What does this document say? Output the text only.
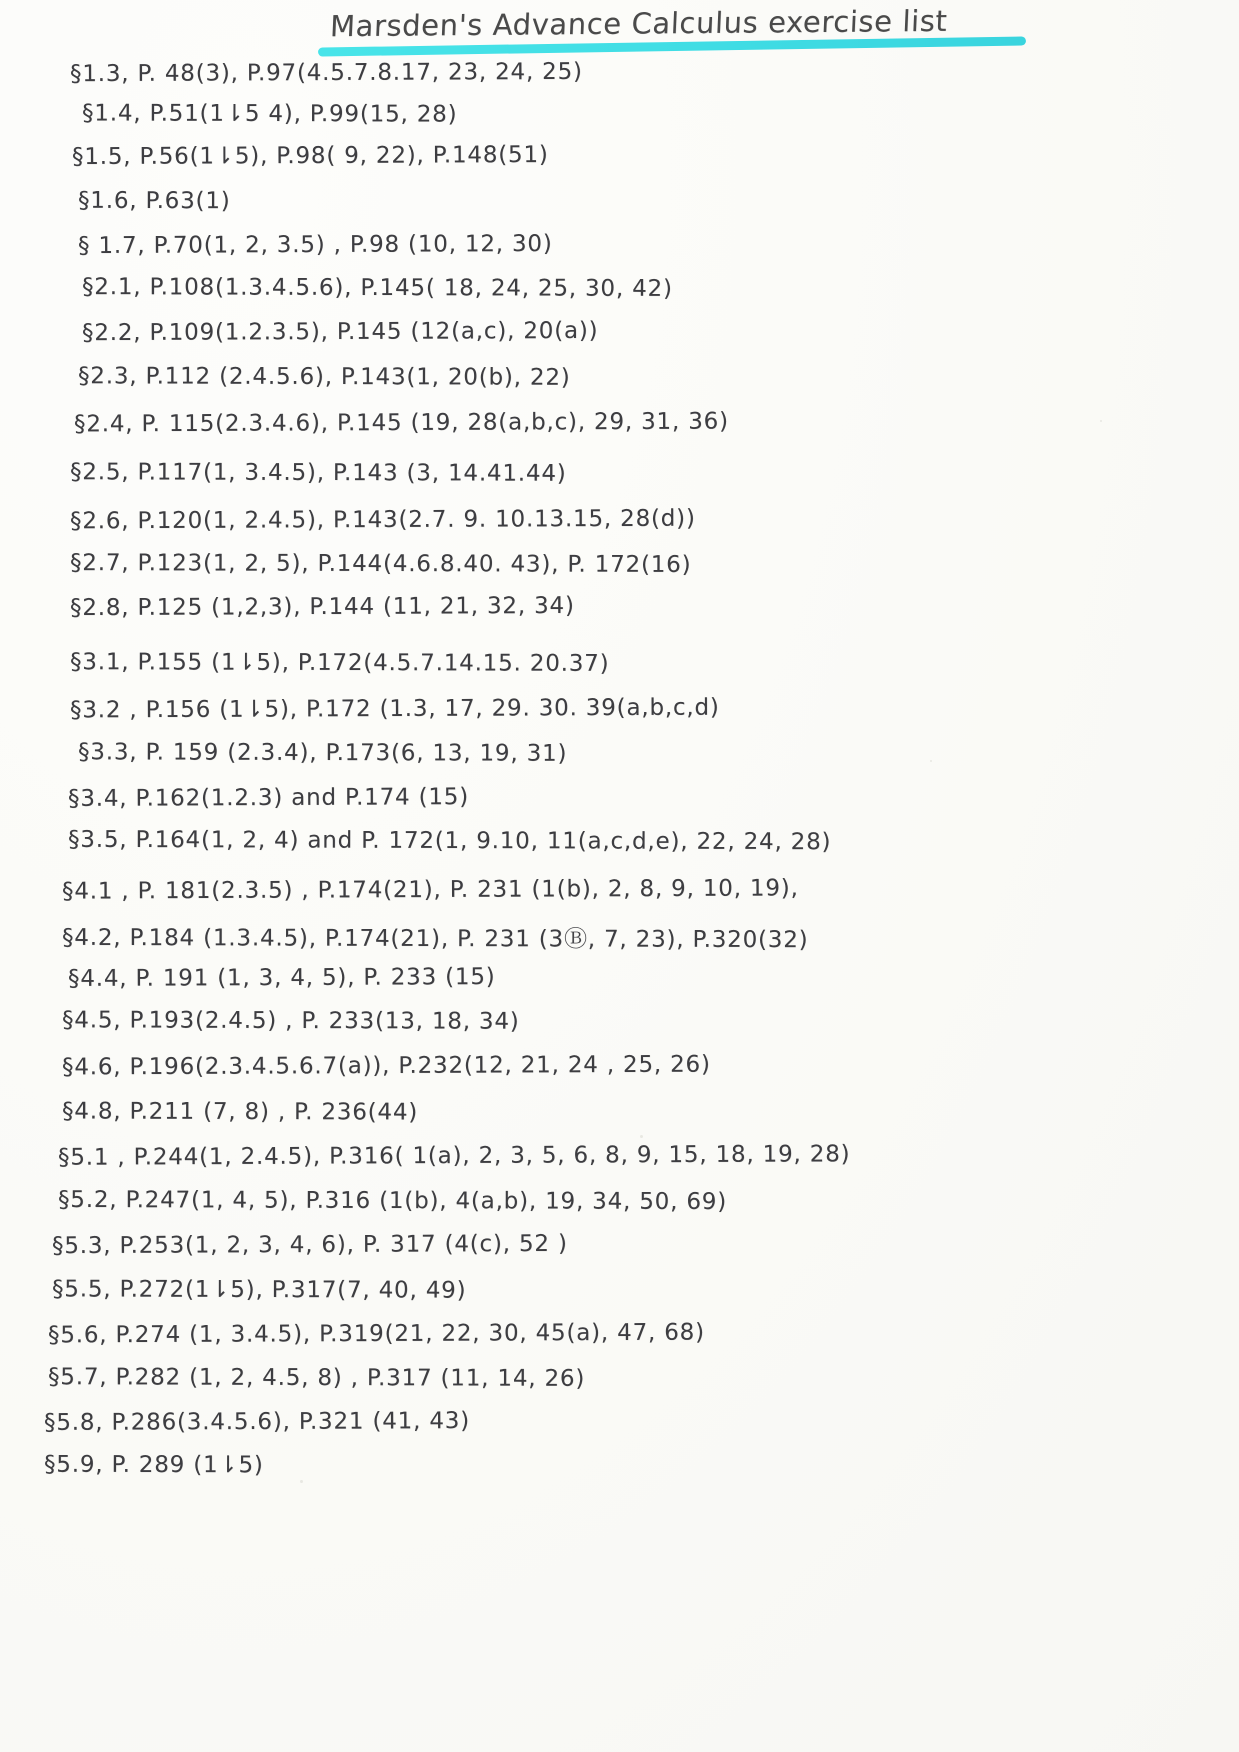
Marsden's Advance Calculus exercise list
§1.3, P. 48(3), P.97(4.5.7.8.17, 23, 24, 25)
§1.4, P.51(1⇂5 4), P.99(15, 28)
§1.5, P.56(1⇂5), P.98( 9, 22), P.148(51)
§1.6, P.63(1)
§ 1.7, P.70(1, 2, 3.5) , P.98 (10, 12, 30)
§2.1, P.108(1.3.4.5.6), P.145( 18, 24, 25, 30, 42)
§2.2, P.109(1.2.3.5), P.145 (12(a,c), 20(a))
§2.3, P.112 (2.4.5.6), P.143(1, 20(b), 22)
§2.4, P. 115(2.3.4.6), P.145 (19, 28(a,b,c), 29, 31, 36)
§2.5, P.117(1, 3.4.5), P.143 (3, 14.41.44)
§2.6, P.120(1, 2.4.5), P.143(2.7. 9. 10.13.15, 28(d))
§2.7, P.123(1, 2, 5), P.144(4.6.8.40. 43), P. 172(16)
§2.8, P.125 (1,2,3), P.144 (11, 21, 32, 34)
§3.1, P.155 (1⇂5), P.172(4.5.7.14.15. 20.37)
§3.2 , P.156 (1⇂5), P.172 (1.3, 17, 29. 30. 39(a,b,c,d)
§3.3, P. 159 (2.3.4), P.173(6, 13, 19, 31)
§3.4, P.162(1.2.3) and P.174 (15)
§3.5, P.164(1, 2, 4) and P. 172(1, 9.10, 11(a,c,d,e), 22, 24, 28)
§4.1 , P. 181(2.3.5) , P.174(21), P. 231 (1(b), 2, 8, 9, 10, 19),
§4.2, P.184 (1.3.4.5), P.174(21), P. 231 (3Ⓑ, 7, 23), P.320(32)
§4.4, P. 191 (1, 3, 4, 5), P. 233 (15)
§4.5, P.193(2.4.5) , P. 233(13, 18, 34)
§4.6, P.196(2.3.4.5.6.7(a)), P.232(12, 21, 24 , 25, 26)
§4.8, P.211 (7, 8) , P. 236(44)
§5.1 , P.244(1, 2.4.5), P.316( 1(a), 2, 3, 5, 6, 8, 9, 15, 18, 19, 28)
§5.2, P.247(1, 4, 5), P.316 (1(b), 4(a,b), 19, 34, 50, 69)
§5.3, P.253(1, 2, 3, 4, 6), P. 317 (4(c), 52 )
§5.5, P.272(1⇂5), P.317(7, 40, 49)
§5.6, P.274 (1, 3.4.5), P.319(21, 22, 30, 45(a), 47, 68)
§5.7, P.282 (1, 2, 4.5, 8) , P.317 (11, 14, 26)
§5.8, P.286(3.4.5.6), P.321 (41, 43)
§5.9, P. 289 (1⇂5)
